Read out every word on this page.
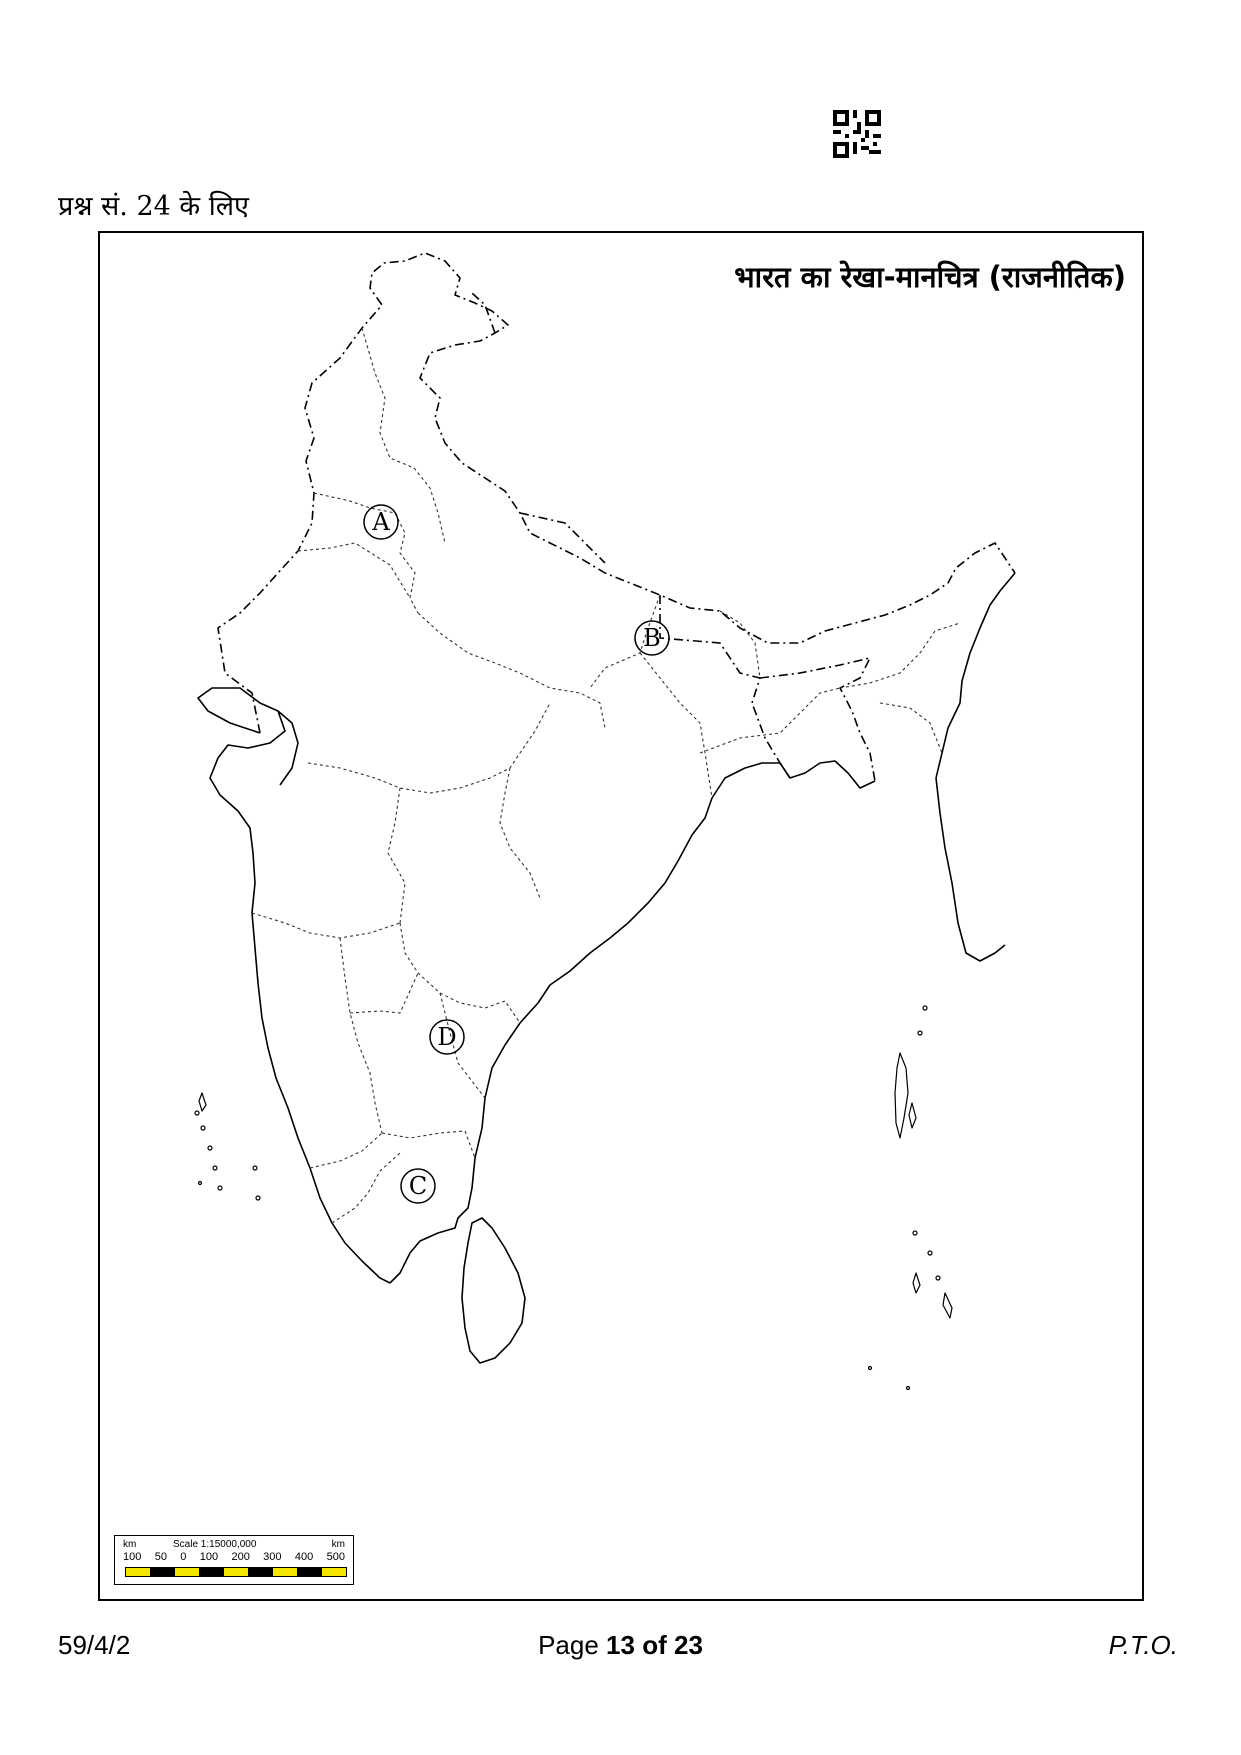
प्रश्न सं. 24 के लिए
A
B
C
D
भारत का रेखा-मानचित्र (राजनीतिक)
km	Scale 1:15000,000	km
100 50 0 100 200 300 400 500
59/4/2	Page 13 of 23	P.T.O.
